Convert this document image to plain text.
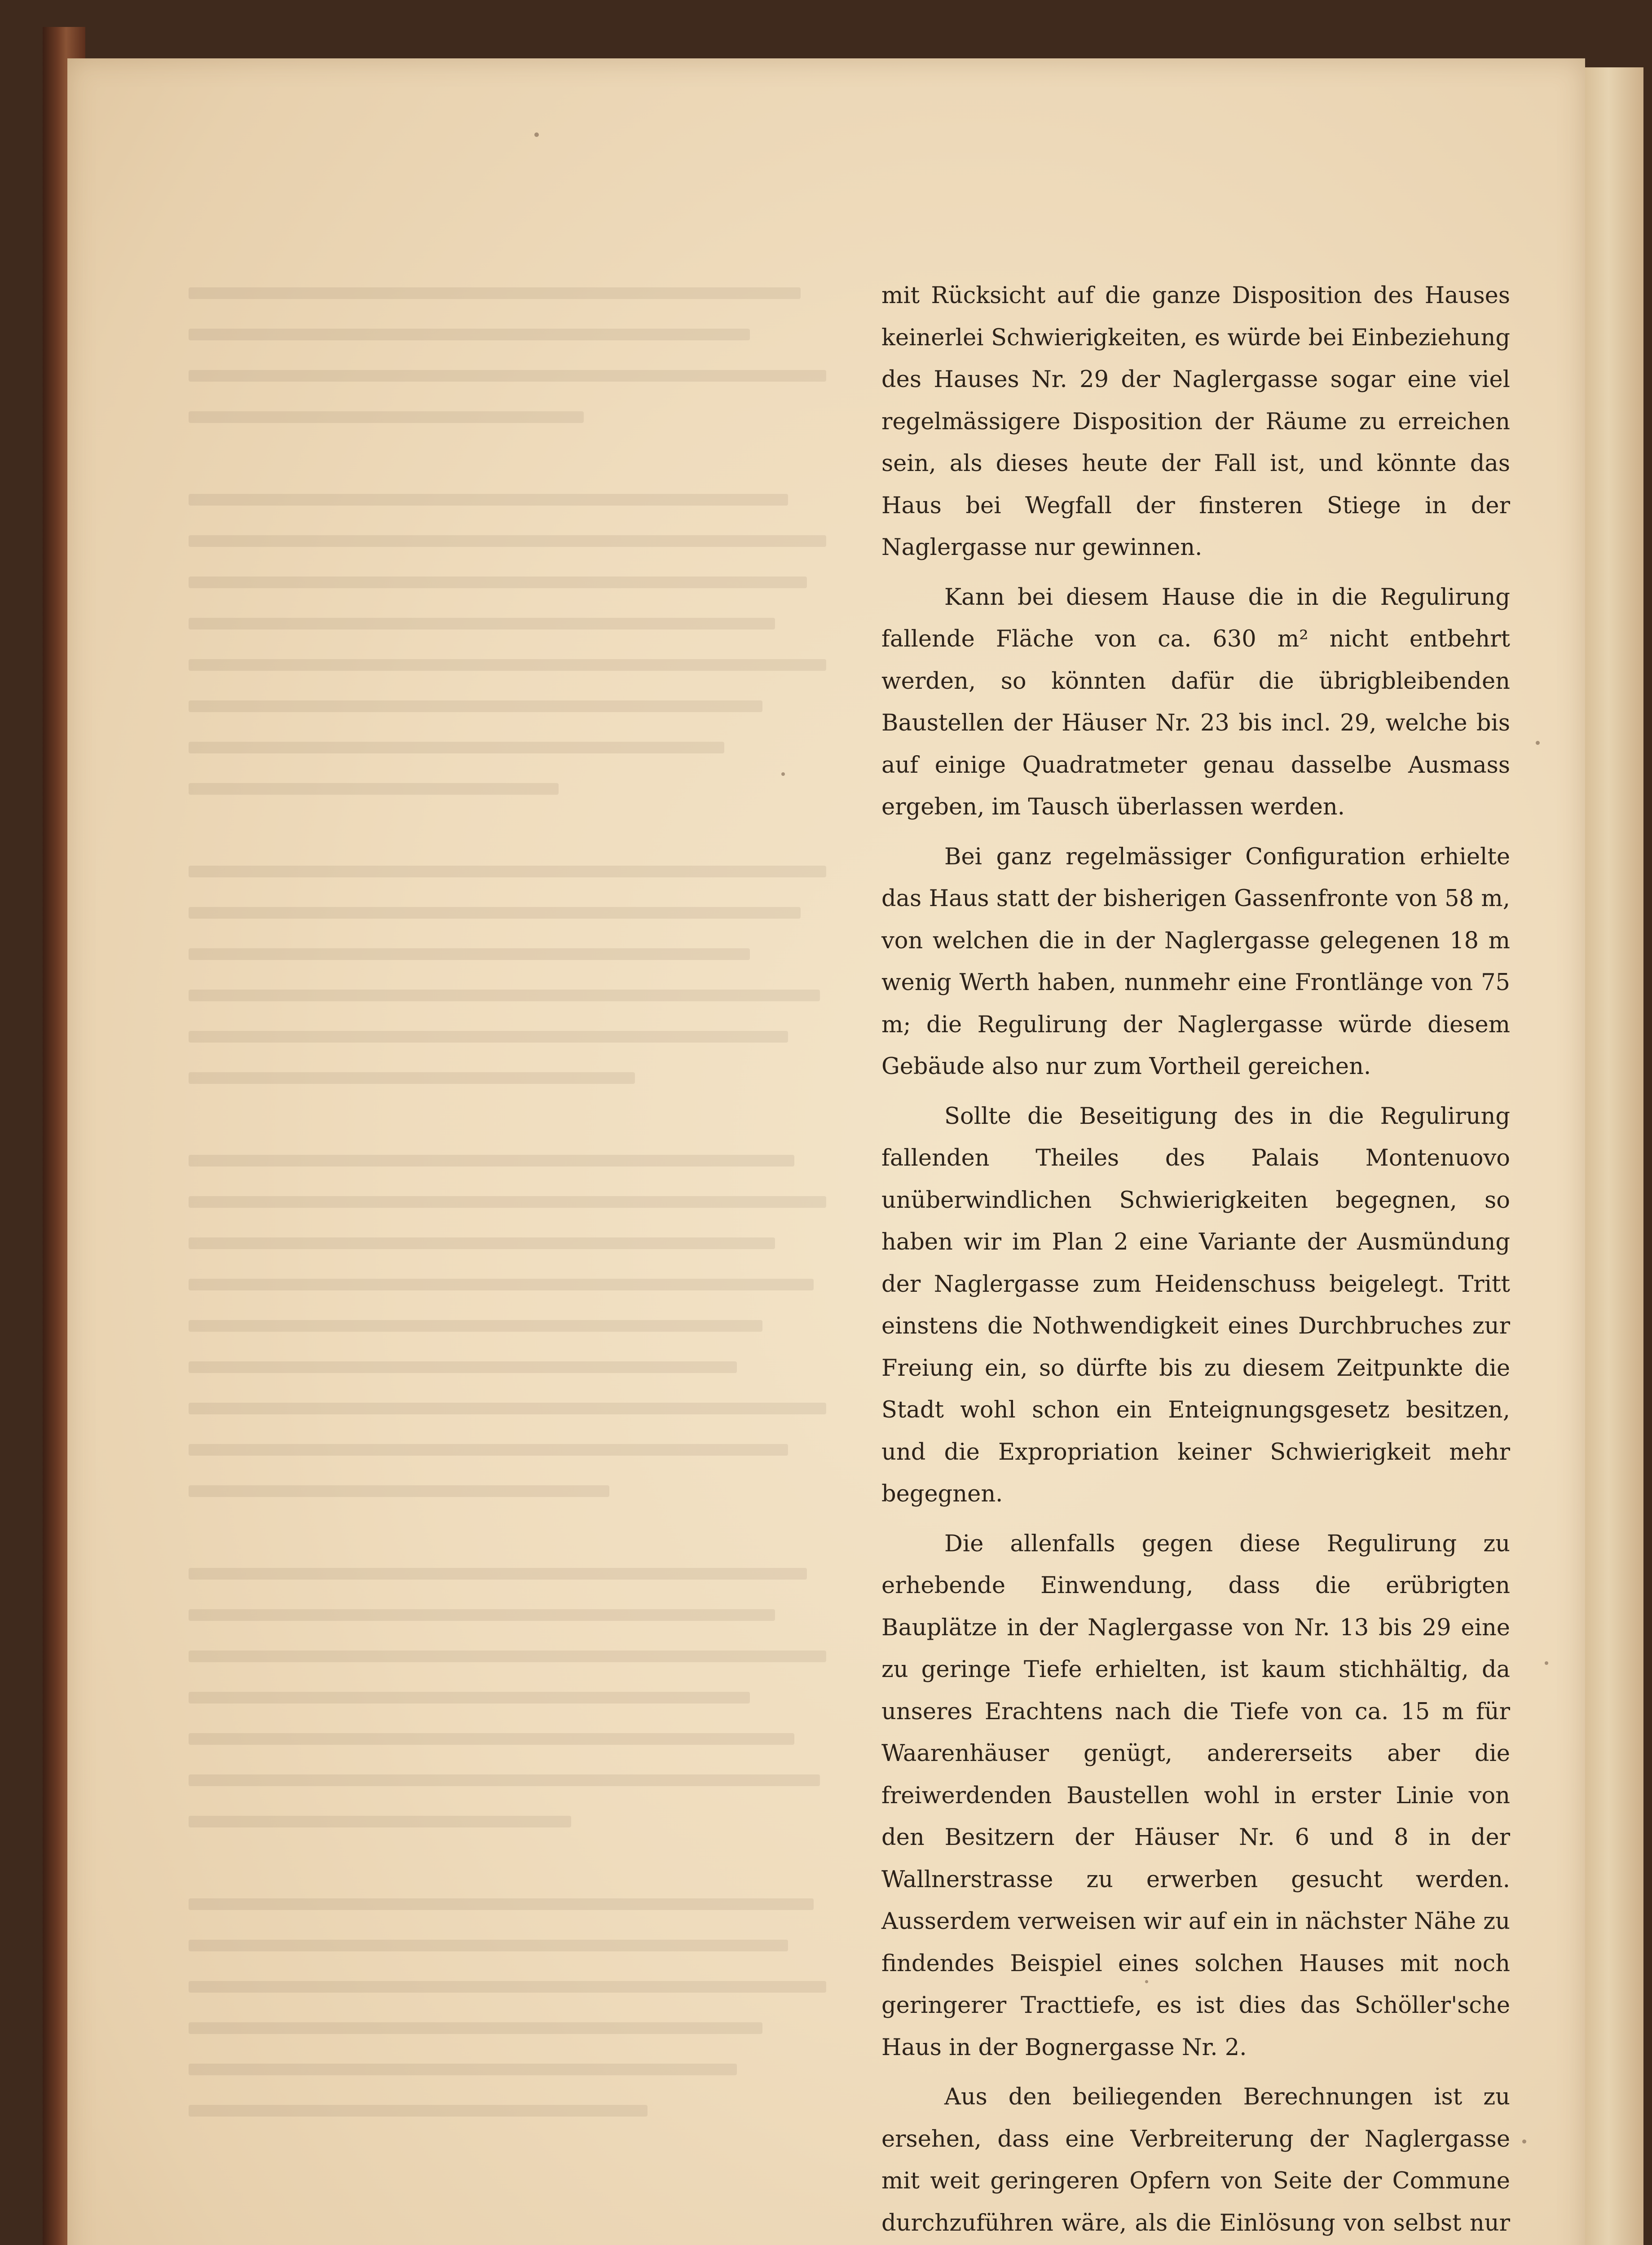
mit Rücksicht auf die ganze Disposition des Hauses keinerlei Schwierigkeiten, es würde bei Einbeziehung des Hauses Nr. 29 der Naglergasse sogar eine viel regelmässigere Disposition der Räume zu erreichen sein, als dieses heute der Fall ist, und könnte das Haus bei Wegfall der finsteren Stiege in der Naglergasse nur gewinnen.

Kann bei diesem Hause die in die Regulirung fallende Fläche von ca. 630 m² nicht entbehrt werden, so könnten dafür die übrigbleibenden Baustellen der Häuser Nr. 23 bis incl. 29, welche bis auf einige Quadratmeter genau dasselbe Ausmass ergeben, im Tausch überlassen werden.

Bei ganz regelmässiger Configuration erhielte das Haus statt der bisherigen Gassenfronte von 58 m, von welchen die in der Naglergasse gelegenen 18 m wenig Werth haben, nunmehr eine Frontlänge von 75 m; die Regulirung der Naglergasse würde diesem Gebäude also nur zum Vortheil gereichen.

Sollte die Beseitigung des in die Regulirung fallenden Theiles des Palais Montenuovo unüberwindlichen Schwierigkeiten begegnen, so haben wir im Plan 2 eine Variante der Ausmündung der Naglergasse zum Heidenschuss beigelegt. Tritt einstens die Nothwendigkeit eines Durchbruches zur Freiung ein, so dürfte bis zu diesem Zeitpunkte die Stadt wohl schon ein Enteignungsgesetz besitzen, und die Expropriation keiner Schwierigkeit mehr begegnen.

Die allenfalls gegen diese Regulirung zu erhebende Einwendung, dass die erübrigten Bauplätze in der Naglergasse von Nr. 13 bis 29 eine zu geringe Tiefe erhielten, ist kaum stichhältig, da unseres Erachtens nach die Tiefe von ca. 15 m für Waarenhäuser genügt, andererseits aber die freiwerdenden Baustellen wohl in erster Linie von den Besitzern der Häuser Nr. 6 und 8 in der Wallnerstrasse zu erwerben gesucht werden. Ausserdem verweisen wir auf ein in nächster Nähe zu findendes Beispiel eines solchen Hauses mit noch geringerer Tracttiefe, es ist dies das Schöller'sche Haus in der Bognergasse Nr. 2.

Aus den beiliegenden Berechnungen ist zu ersehen, dass eine Verbreiterung der Naglergasse mit weit geringeren Opfern von Seite der Commune durchzuführen wäre, als die Einlösung von selbst nur
